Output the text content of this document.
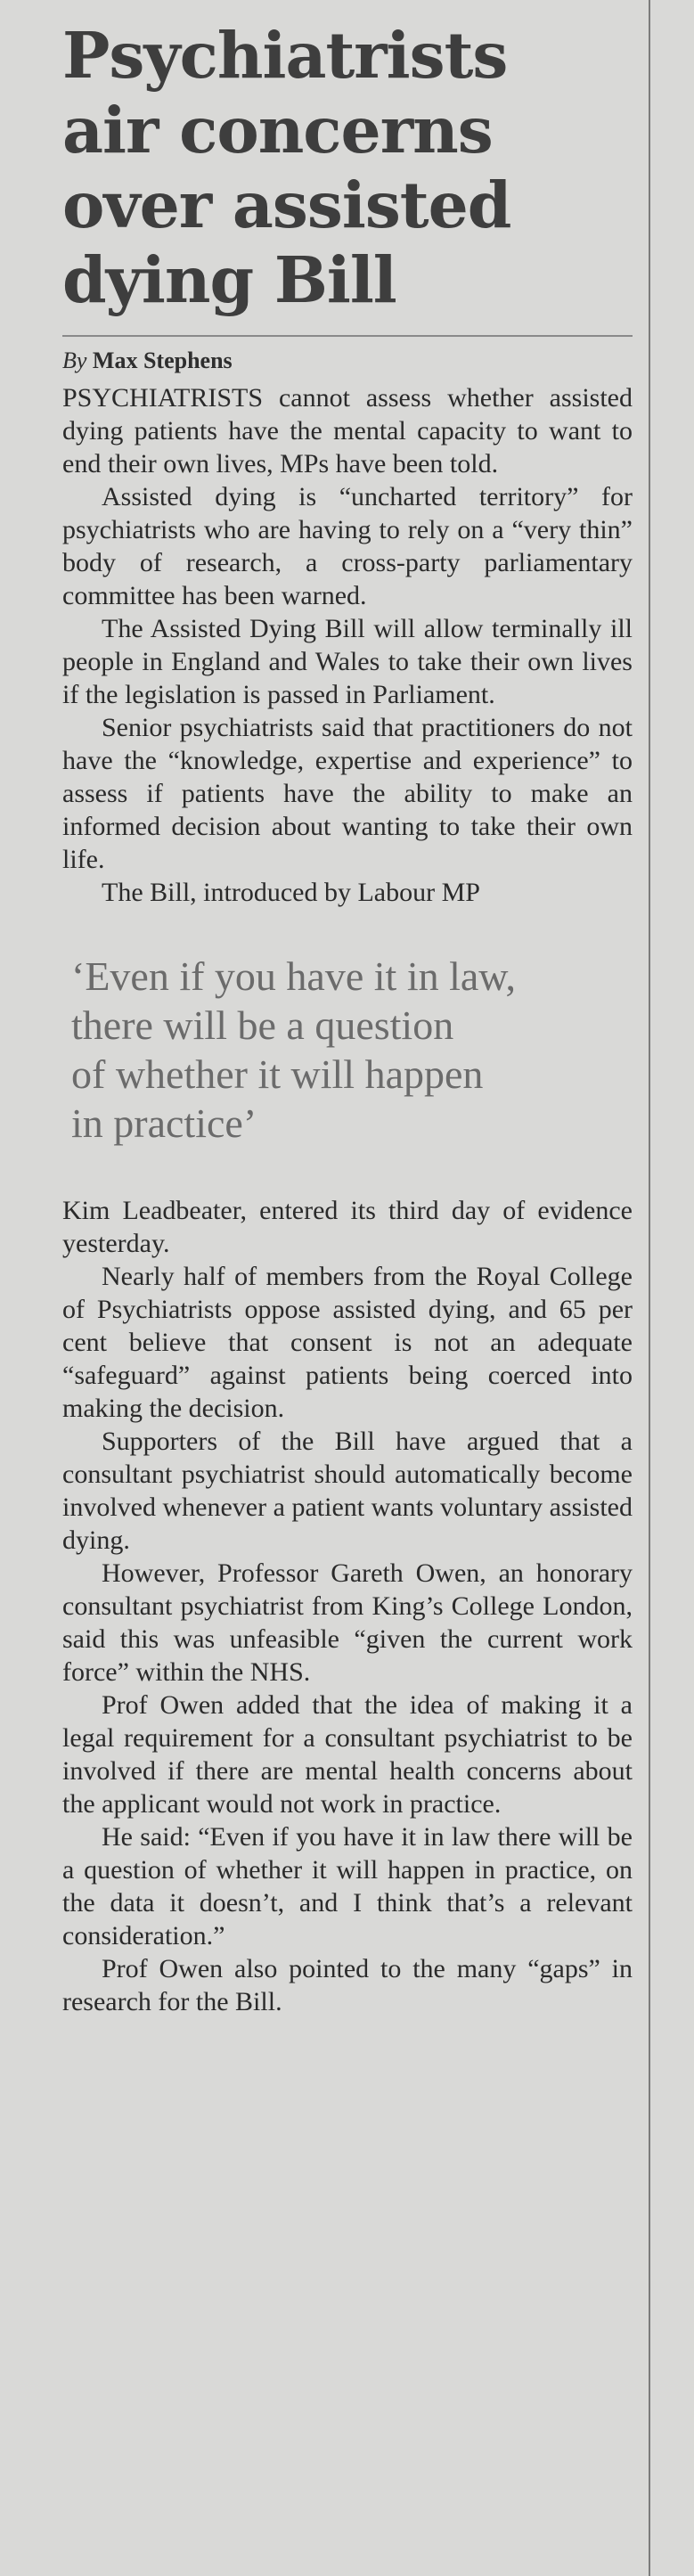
Psychiatrists
air concerns
over assisted
dying Bill
By Max Stephens

PSYCHIATRISTS cannot assess whether assisted dying patients have the mental capacity to want to end their own lives, MPs have been told.

Assisted dying is “uncharted territory” for psychiatrists who are having to rely on a “very thin” body of research, a cross-party parliamentary committee has been warned.

The Assisted Dying Bill will allow terminally ill people in England and Wales to take their own lives if the legislation is passed in Parliament.

Senior psychiatrists said that practitioners do not have the “knowledge, expertise and experience” to assess if patients have the ability to make an informed decision about wanting to take their own life.

The Bill, introduced by Labour MP

‘Even if you have it in law,
there will be a question
of whether it will happen
in practice’

Kim Leadbeater, entered its third day of evidence yesterday.

Nearly half of members from the Royal College of Psychiatrists oppose assisted dying, and 65 per cent believe that consent is not an adequate “safeguard” against patients being coerced into making the decision.

Supporters of the Bill have argued that a consultant psychiatrist should automatically become involved whenever a patient wants voluntary assisted dying.

However, Professor Gareth Owen, an honorary consultant psychiatrist from King’s College London, said this was unfeasible “given the current work force” within the NHS.

Prof Owen added that the idea of making it a legal requirement for a consultant psychiatrist to be involved if there are mental health concerns about the applicant would not work in practice.

He said: “Even if you have it in law there will be a question of whether it will happen in practice, on the data it doesn’t, and I think that’s a relevant consideration.”

Prof Owen also pointed to the many “gaps” in research for the Bill.
